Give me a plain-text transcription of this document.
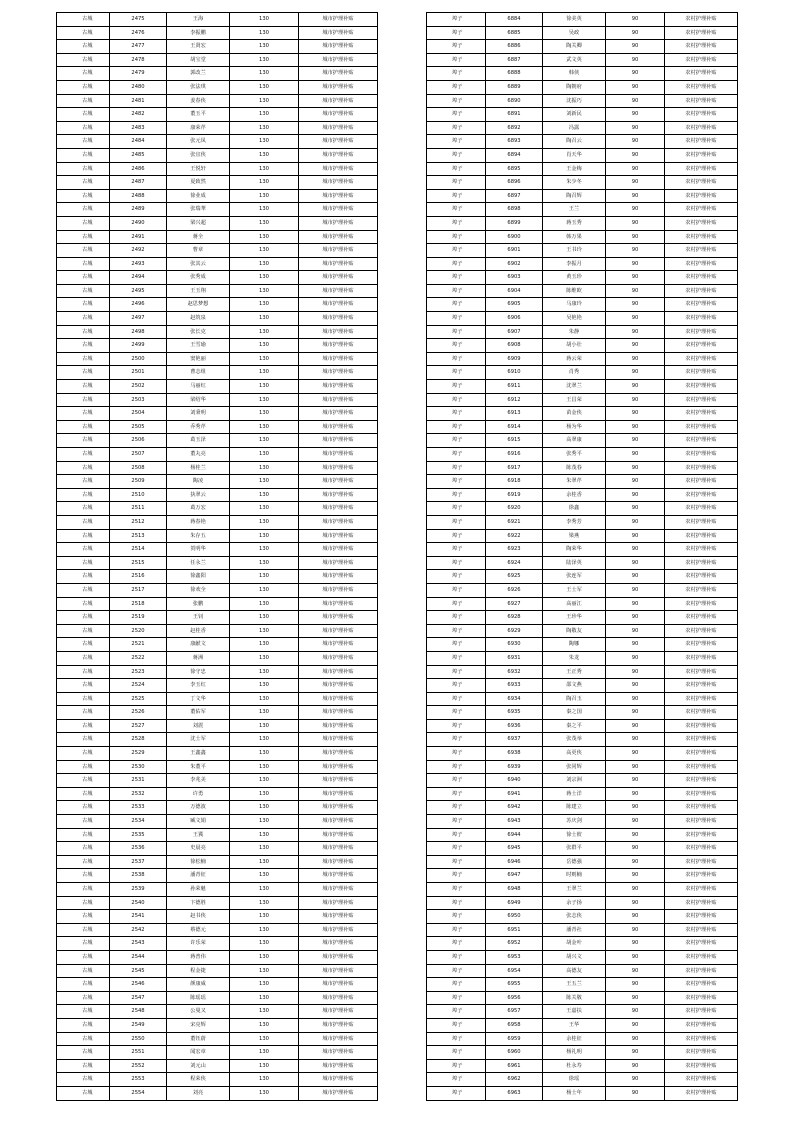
古城	2475	王海	130	城市护理补贴
古城	2476	李振鹏	130	城市护理补贴
古城	2477	王贤宏	130	城市护理补贴
古城	2478	胡宝堂	130	城市护理补贴
古城	2479	郭改兰	130	城市护理补贴
古城	2480	张法琪	130	城市护理补贴
古城	2481	姜春侠	130	城市护理补贴
古城	2482	董玉平	130	城市护理补贴
古城	2483	康荣芹	130	城市护理补贴
古城	2484	张元凤	130	城市护理补贴
古城	2485	张宜侠	130	城市护理补贴
古城	2486	王悦轩	130	城市护理补贴
古城	2487	夏致然	130	城市护理补贴
古城	2488	徐业成	130	城市护理补贴
古城	2489	张瑞華	130	城市护理补贴
古城	2490	梁兴超	130	城市护理补贴
古城	2491	蒋全	130	城市护理补贴
古城	2492	曹章	130	城市护理补贴
古城	2493	张其云	130	城市护理补贴
古城	2494	张秀成	130	城市护理补贴
古城	2495	王玉翔	130	城市护理补贴
古城	2496	赵思梦想	130	城市护理补贴
古城	2497	赵筑泉	130	城市护理补贴
古城	2498	张长克	130	城市护理补贴
古城	2499	王雪瑜	130	城市护理补贴
古城	2500	窦艳丽	130	城市护理补贴
古城	2501	曹志组	130	城市护理补贴
古城	2502	马丽红	130	城市护理补贴
古城	2503	梁绍华	130	城市护理补贴
古城	2504	刘秉明	130	城市护理补贴
古城	2505	乔秀芹	130	城市护理补贴
古城	2506	葛玉泽	130	城市护理补贴
古城	2507	董丸亮	130	城市护理补贴
古城	2508	杨桂兰	130	城市护理补贴
古城	2509	陶凌	130	城市护理补贴
古城	2510	执翠云	130	城市护理补贴
古城	2511	葛万宏	130	城市护理补贴
古城	2512	蒋春艳	130	城市护理补贴
古城	2513	朱存五	130	城市护理补贴
古城	2514	贺明华	130	城市护理补贴
古城	2515	任永兰	130	城市护理补贴
古城	2516	徐鑫阳	130	城市护理补贴
古城	2517	徐欢全	130	城市护理补贴
古城	2518	张鹏	130	城市护理补贴
古城	2519	王钊	130	城市护理补贴
古城	2520	赵桂香	130	城市护理补贴
古城	2521	康献文	130	城市护理补贴
古城	2522	蒋洲	130	城市护理补贴
古城	2523	徐守忠	130	城市护理补贴
古城	2524	李玉红	130	城市护理补贴
古城	2525	丁文华	130	城市护理补贴
古城	2526	董佑军	130	城市护理补贴
古城	2527	刘震	130	城市护理补贴
古城	2528	沈士军	130	城市护理补贴
古城	2529	王鑫鑫	130	城市护理补贴
古城	2530	朱董平	130	城市护理补贴
古城	2531	李兆美	130	城市护理补贴
古城	2532	许勇	130	城市护理补贴
古城	2533	万德波	130	城市护理补贴
古城	2534	臧文娟	130	城市护理补贴
古城	2535	王冀	130	城市护理补贴
古城	2536	史晨亮	130	城市护理补贴
古城	2537	徐松楠	130	城市护理补贴
古城	2538	潘青征	130	城市护理补贴
古城	2539	孙荣魁	130	城市护理补贴
古城	2540	卞德胜	130	城市护理补贴
古城	2541	赵书侠	130	城市护理补贴
古城	2542	蔡德元	130	城市护理补贴
古城	2543	许乐荣	130	城市护理补贴
古城	2544	蒋普伟	130	城市护理补贴
古城	2545	程金捷	130	城市护理补贴
古城	2546	颜康威	130	城市护理补贴
古城	2547	陈瑶瑶	130	城市护理补贴
古城	2548	公曼又	130	城市护理补贴
古城	2549	宋亮辉	130	城市护理补贴
古城	2550	董钰蔚	130	城市护理补贴
古城	2551	闻宏章	130	城市护理补贴
古城	2552	刘元山	130	城市护理补贴
古城	2553	程荣侠	130	城市护理补贴
古城	2554	刘亮	130	城市护理补贴
埠子	6884	徐美英	90	农村护理补贴
埠子	6885	吴政	90	农村护理补贴
埠子	6886	陶关卿	90	农村护理补贴
埠子	6887	武文英	90	农村护理补贴
埠子	6888	韩侠	90	农村护理补贴
埠子	6889	陶朝府	90	农村护理补贴
埠子	6890	沈振巧	90	农村护理补贴
埠子	6891	刘新民	90	农村护理补贴
埠子	6892	冯露	90	农村护理补贴
埠子	6893	陶召云	90	农村护理补贴
埠子	6894	肖天华	90	农村护理补贴
埠子	6895	王金梅	90	农村护理补贴
埠子	6896	朱少冬	90	农村护理补贴
埠子	6897	陶召辉	90	农村护理补贴
埠子	6898	王兰	90	农村护理补贴
埠子	6899	蒋玉秀	90	农村护理补贴
埠子	6900	韩万果	90	农村护理补贴
埠子	6901	王书玲	90	农村护理补贴
埠子	6902	李振月	90	农村护理补贴
埠子	6903	黄玉珍	90	农村护理补贴
埠子	6904	陈维欧	90	农村护理补贴
埠子	6905	马康玲	90	农村护理补贴
埠子	6906	吴艳艳	90	农村护理补贴
埠子	6907	朱静	90	农村护理补贴
埠子	6908	胡小壮	90	农村护理补贴
埠子	6909	蒋云荣	90	农村护理补贴
埠子	6910	肖秀	90	农村护理补贴
埠子	6911	沈翠兰	90	农村护理补贴
埠子	6912	王昌荣	90	农村护理补贴
埠子	6913	苗金侠	90	农村护理补贴
埠子	6914	杨为华	90	农村护理补贴
埠子	6915	高翠康	90	农村护理补贴
埠子	6916	张秀平	90	农村护理补贴
埠子	6917	陈茂春	90	农村护理补贴
埠子	6918	朱翠芹	90	农村护理补贴
埠子	6919	余桂香	90	农村护理补贴
埠子	6920	徐鑫	90	农村护理补贴
埠子	6921	李秀芳	90	农村护理补贴
埠子	6922	梁燕	90	农村护理补贴
埠子	6923	陶荣华	90	农村护理补贴
埠子	6924	陆泽英	90	农村护理补贴
埠子	6925	张连军	90	农村护理补贴
埠子	6926	王士军	90	农村护理补贴
埠子	6927	高丽江	90	农村护理补贴
埠子	6928	王珍华	90	农村护理补贴
埠子	6929	陶敬友	90	农村护理补贴
埠子	6930	陶娜	90	农村护理补贴
埠子	6931	朱龙	90	农村护理补贴
埠子	6932	王正秀	90	农村护理补贴
埠子	6933	邵文燕	90	农村护理补贴
埠子	6934	陶召玉	90	农村护理补贴
埠子	6935	秦之国	90	农村护理补贴
埠子	6936	秦之平	90	农村护理补贴
埠子	6937	张茂举	90	农村护理补贴
埠子	6938	高更侠	90	农村护理补贴
埠子	6939	张同辉	90	农村护理补贴
埠子	6940	刘宗洲	90	农村护理补贴
埠子	6941	蒋士洋	90	农村护理补贴
埠子	6942	陈建立	90	农村护理补贴
埠子	6943	苏庆剑	90	农村护理补贴
埠子	6944	徐士彼	90	农村护理补贴
埠子	6945	张群平	90	农村护理补贴
埠子	6946	岳德强	90	农村护理补贴
埠子	6947	时则楠	90	农村护理补贴
埠子	6948	王翠兰	90	农村护理补贴
埠子	6949	余子扬	90	农村护理补贴
埠子	6950	张志侠	90	农村护理补贴
埠子	6951	潘青社	90	农村护理补贴
埠子	6952	胡金叶	90	农村护理补贴
埠子	6953	胡兴文	90	农村护理补贴
埠子	6954	高德友	90	农村护理补贴
埠子	6955	王五兰	90	农村护理补贴
埠子	6956	陈关敬	90	农村护理补贴
埠子	6957	王嘉扶	90	农村护理补贴
埠子	6958	王华	90	农村护理补贴
埠子	6959	余桂征	90	农村护理补贴
埠子	6960	杨礼明	90	农村护理补贴
埠子	6961	杜永寿	90	农村护理补贴
埠子	6962	徐瑶	90	农村护理补贴
埠子	6963	杨士年	90	农村护理补贴
